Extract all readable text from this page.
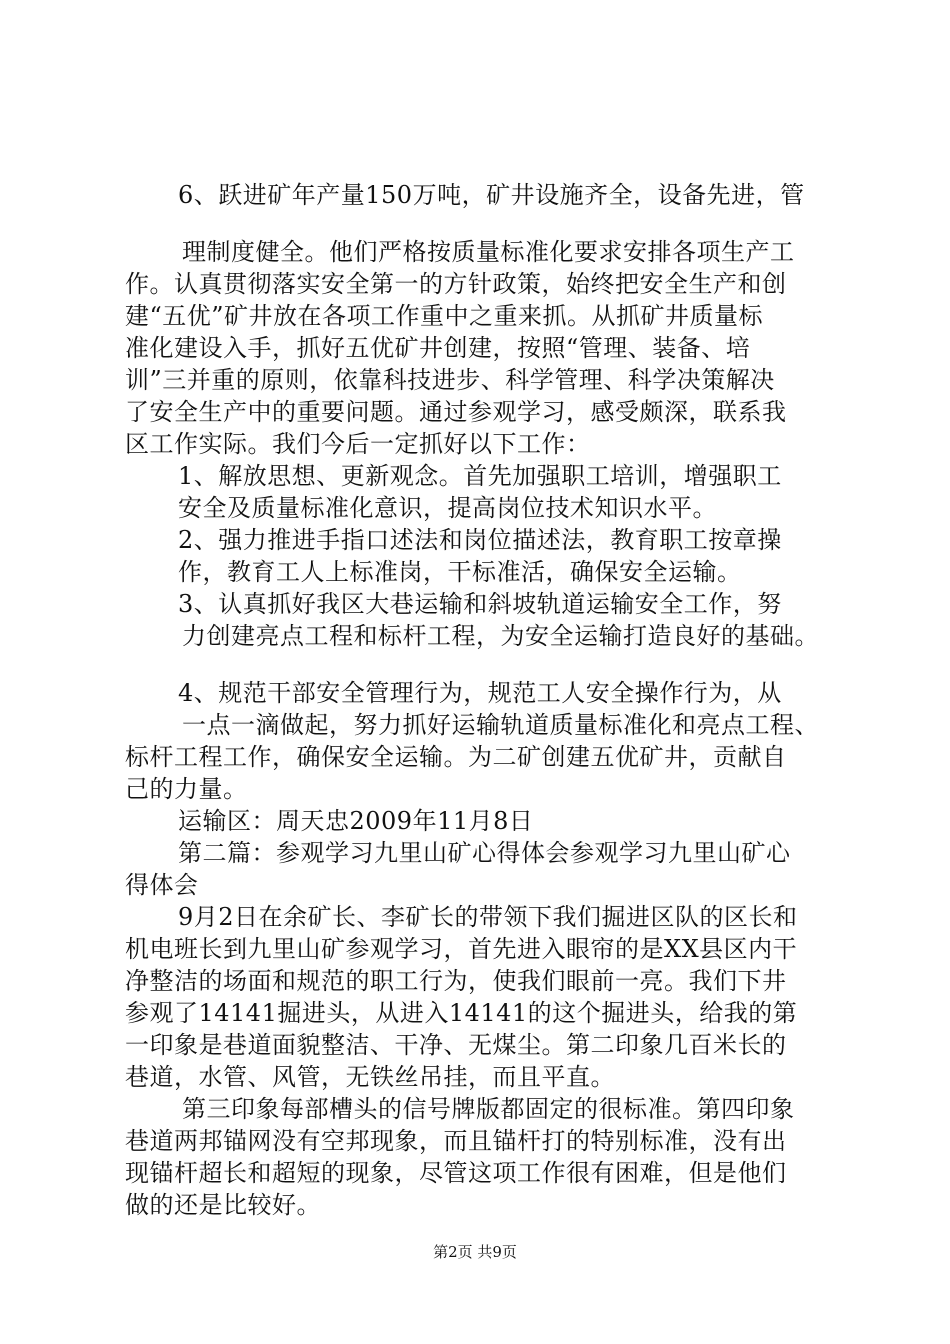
6、跃进矿年产量150万吨，矿井设施齐全，设备先进，管
理制度健全。他们严格按质量标准化要求安排各项生产工
作。认真贯彻落实安全第一的方针政策，始终把安全生产和创
建“五优”矿井放在各项工作重中之重来抓。从抓矿井质量标
准化建设入手，抓好五优矿井创建，按照“管理、装备、培
训”三并重的原则，依靠科技进步、科学管理、科学决策解决
了安全生产中的重要问题。通过参观学习，感受颇深，联系我
区工作实际。我们今后一定抓好以下工作：
1、解放思想、更新观念。首先加强职工培训，增强职工
安全及质量标准化意识，提高岗位技术知识水平。
2、强力推进手指口述法和岗位描述法，教育职工按章操
作，教育工人上标准岗，干标准活，确保安全运输。
3、认真抓好我区大巷运输和斜坡轨道运输安全工作，努
力创建亮点工程和标杆工程，为安全运输打造良好的基础。
4、规范干部安全管理行为，规范工人安全操作行为，从
一点一滴做起，努力抓好运输轨道质量标准化和亮点工程、
标杆工程工作，确保安全运输。为二矿创建五优矿井，贡献自
己的力量。
运输区：周天忠2009年11月8日
第二篇：参观学习九里山矿心得体会参观学习九里山矿心
得体会
9月2日在余矿长、李矿长的带领下我们掘进区队的区长和
机电班长到九里山矿参观学习，首先进入眼帘的是XX县区内干
净整洁的场面和规范的职工行为，使我们眼前一亮。我们下井
参观了14141掘进头，从进入14141的这个掘进头，给我的第
一印象是巷道面貌整洁、干净、无煤尘。第二印象几百米长的
巷道，水管、风管，无铁丝吊挂，而且平直。
第三印象每部槽头的信号牌版都固定的很标准。第四印象
巷道两邦锚网没有空邦现象，而且锚杆打的特别标准，没有出
现锚杆超长和超短的现象，尽管这项工作很有困难，但是他们
做的还是比较好。
第2页 共9页
